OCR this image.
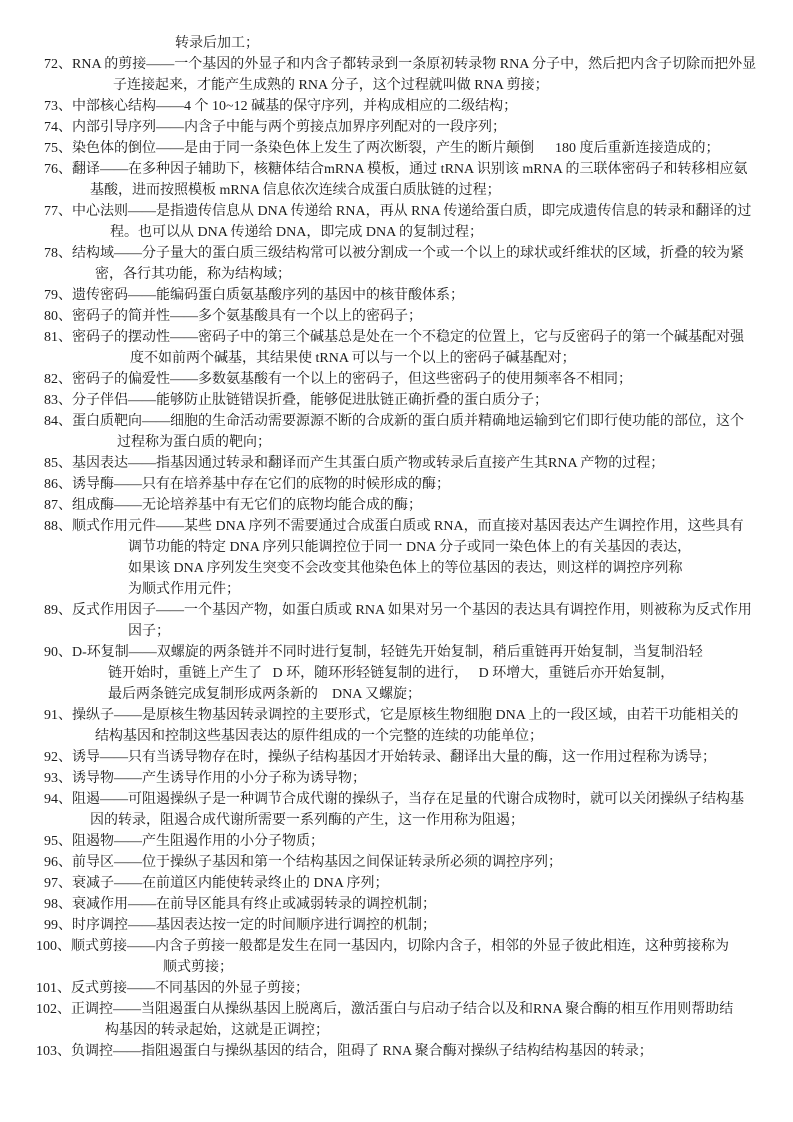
转录后加工；
72、RNA 的剪接——一个基因的外显子和内含子都转录到一条原初转录物 RNA 分子中，然后把内含子切除而把外显
子连接起来，才能产生成熟的 RNA 分子，这个过程就叫做 RNA 剪接；
73、中部核心结构——4 个 10~12 碱基的保守序列，并构成相应的二级结构；
74、内部引导序列——内含子中能与两个剪接点加界序列配对的一段序列；
75、染色体的倒位——是由于同一条染色体上发生了两次断裂，产生的断片颠倒      180 度后重新连接造成的；
76、翻译——在多种因子辅助下，核糖体结合mRNA 模板，通过 tRNA 识别该 mRNA 的三联体密码子和转移相应氨
基酸，进而按照模板 mRNA 信息依次连续合成蛋白质肽链的过程；
77、中心法则——是指遗传信息从 DNA 传递给 RNA，再从 RNA 传递给蛋白质，即完成遗传信息的转录和翻译的过
程。也可以从 DNA 传递给 DNA，即完成 DNA 的复制过程；
78、结构域——分子量大的蛋白质三级结构常可以被分割成一个或一个以上的球状或纤维状的区域，折叠的较为紧
密，各行其功能，称为结构域；
79、遗传密码——能编码蛋白质氨基酸序列的基因中的核苷酸体系；
80、密码子的简并性——多个氨基酸具有一个以上的密码子；
81、密码子的摆动性——密码子中的第三个碱基总是处在一个不稳定的位置上，它与反密码子的第一个碱基配对强
度不如前两个碱基，其结果使 tRNA 可以与一个以上的密码子碱基配对；
82、密码子的偏爱性——多数氨基酸有一个以上的密码子，但这些密码子的使用频率各不相同；
83、分子伴侣——能够防止肽链错误折叠，能够促进肽链正确折叠的蛋白质分子；
84、蛋白质靶向——细胞的生命活动需要源源不断的合成新的蛋白质并精确地运输到它们即行使功能的部位，这个
过程称为蛋白质的靶向；
85、基因表达——指基因通过转录和翻译而产生其蛋白质产物或转录后直接产生其RNA 产物的过程；
86、诱导酶——只有在培养基中存在它们的底物的时候形成的酶；
87、组成酶——无论培养基中有无它们的底物均能合成的酶；
88、顺式作用元件——某些 DNA 序列不需要通过合成蛋白质或 RNA，而直接对基因表达产生调控作用，这些具有
调节功能的特定 DNA 序列只能调控位于同一 DNA 分子或同一染色体上的有关基因的表达，
如果该 DNA 序列发生突变不会改变其他染色体上的等位基因的表达，则这样的调控序列称
为顺式作用元件；
89、反式作用因子——一个基因产物，如蛋白质或 RNA 如果对另一个基因的表达具有调控作用，则被称为反式作用
因子；
90、D-环复制——双螺旋的两条链并不同时进行复制，轻链先开始复制，稍后重链再开始复制，当复制沿轻
链开始时，重链上产生了   D 环，随环形轻链复制的进行，   D 环增大，重链后亦开始复制，
最后两条链完成复制形成两条新的    DNA 又螺旋；
91、操纵子——是原核生物基因转录调控的主要形式，它是原核生物细胞 DNA 上的一段区域，由若干功能相关的
结构基因和控制这些基因表达的原件组成的一个完整的连续的功能单位；
92、诱导——只有当诱导物存在时，操纵子结构基因才开始转录、翻译出大量的酶，这一作用过程称为诱导；
93、诱导物——产生诱导作用的小分子称为诱导物；
94、阻遏——可阻遏操纵子是一种调节合成代谢的操纵子，当存在足量的代谢合成物时，就可以关闭操纵子结构基
因的转录，阻遏合成代谢所需要一系列酶的产生，这一作用称为阻遏；
95、阻遏物——产生阻遏作用的小分子物质；
96、前导区——位于操纵子基因和第一个结构基因之间保证转录所必须的调控序列；
97、衰减子——在前道区内能使转录终止的 DNA 序列；
98、衰减作用——在前导区能具有终止或减弱转录的调控机制；
99、时序调控——基因表达按一定的时间顺序进行调控的机制；
100、顺式剪接——内含子剪接一般都是发生在同一基因内，切除内含子，相邻的外显子彼此相连，这种剪接称为
顺式剪接；
101、反式剪接——不同基因的外显子剪接；
102、正调控——当阻遏蛋白从操纵基因上脱离后，激活蛋白与启动子结合以及和RNA 聚合酶的相互作用则帮助结
构基因的转录起始，这就是正调控；
103、负调控——指阻遏蛋白与操纵基因的结合，阻碍了 RNA 聚合酶对操纵子结构结构基因的转录；
